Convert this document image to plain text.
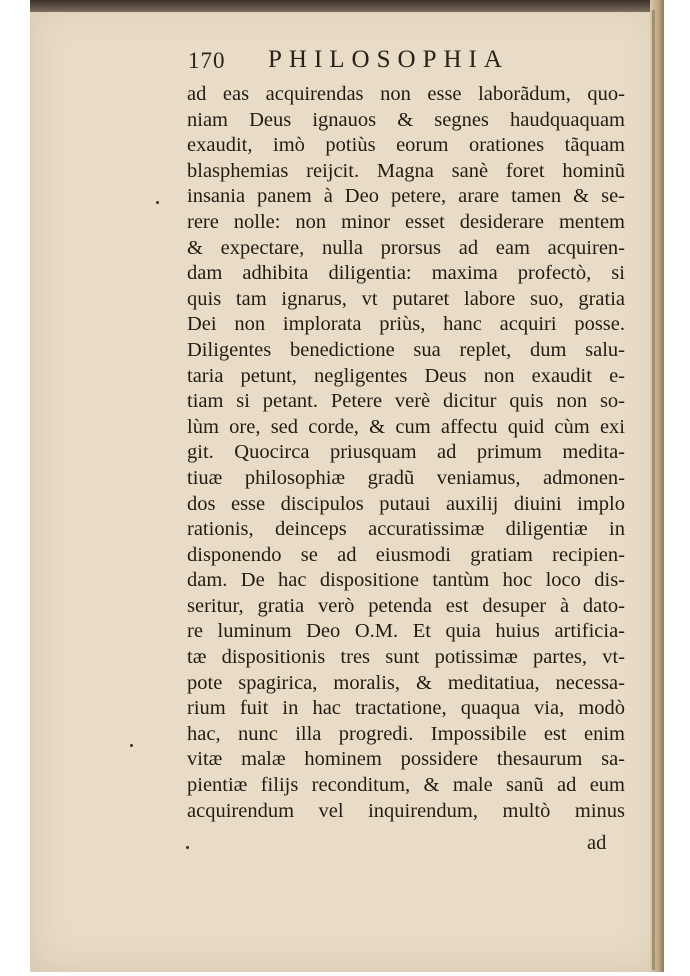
170 PHILOSOPHIA
ad eas acquirendas non esse laborãdum, quo-
niam Deus ignauos & segnes haudquaquam
exaudit, imò potiùs eorum orationes tãquam
blasphemias reijcit. Magna sanè foret hominũ
insania panem à Deo petere, arare tamen & se-
rere nolle: non minor esset desiderare mentem
& expectare, nulla prorsus ad eam acquiren-
dam adhibita diligentia: maxima profectò, si
quis tam ignarus, vt putaret labore suo, gratia
Dei non implorata priùs, hanc acquiri posse.
Diligentes benedictione sua replet, dum salu-
taria petunt, negligentes Deus non exaudit e-
tiam si petant. Petere verè dicitur quis non so-
lùm ore, sed corde, & cum affectu quid cùm exi
git. Quocirca priusquam ad primum medita-
tiuæ philosophiæ gradũ veniamus, admonen-
dos esse discipulos putaui auxilij diuini implo
rationis, deinceps accuratissimæ diligentiæ in
disponendo se ad eiusmodi gratiam recipien-
dam. De hac dispositione tantùm hoc loco dis-
seritur, gratia verò petenda est desuper à dato-
re luminum Deo O.M. Et quia huius artificia-
tæ dispositionis tres sunt potissimæ partes, vt-
pote spagirica, moralis, & meditatiua, necessa-
rium fuit in hac tractatione, quaqua via, modò
hac, nunc illa progredi. Impossibile est enim
vitæ malæ hominem possidere thesaurum sa-
pientiæ filijs reconditum, & male sanũ ad eum
acquirendum vel inquirendum, multò minus
ad
